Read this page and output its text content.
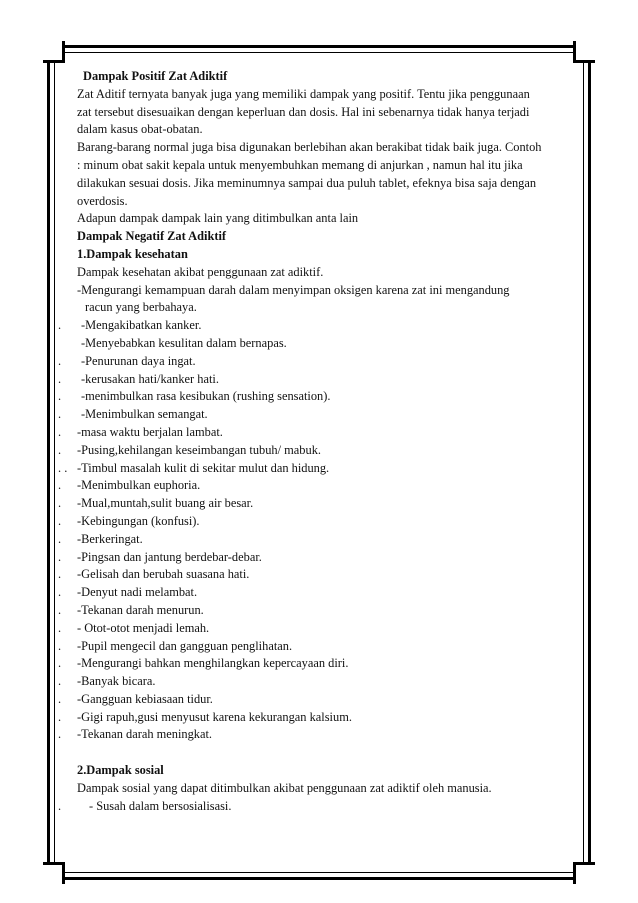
Dampak Positif Zat Adiktif
Zat Aditif ternyata banyak juga yang memiliki dampak yang positif. Tentu jika penggunaan
zat tersebut disesuaikan dengan keperluan dan dosis. Hal ini sebenarnya tidak hanya terjadi
dalam kasus obat-obatan.
Barang-barang normal juga bisa digunakan berlebihan akan berakibat tidak baik juga. Contoh
: minum obat sakit kepala untuk menyembuhkan memang di anjurkan , namun hal itu jika
dilakukan sesuai dosis. Jika meminumnya sampai dua puluh tablet, efeknya bisa saja dengan
overdosis.
Adapun dampak dampak lain yang ditimbulkan anta lain
Dampak Negatif Zat Adiktif
1.Dampak kesehatan
Dampak kesehatan akibat penggunaan zat adiktif.
-Mengurangi kemampuan darah dalam menyimpan oksigen karena zat ini mengandung
racun yang berbahaya.
. -Mengakibatkan kanker.
-Menyebabkan kesulitan dalam bernapas.
. -Penurunan daya ingat.
. -kerusakan hati/kanker hati.
. -menimbulkan rasa kesibukan (rushing sensation).
. -Menimbulkan semangat.
. -masa waktu berjalan lambat.
. -Pusing,kehilangan keseimbangan tubuh/ mabuk.
. . -Timbul masalah kulit di sekitar mulut dan hidung.
. -Menimbulkan euphoria.
. -Mual,muntah,sulit buang air besar.
. -Kebingungan (konfusi).
. -Berkeringat.
. -Pingsan dan jantung berdebar-debar.
. -Gelisah dan berubah suasana hati.
. -Denyut nadi melambat.
. -Tekanan darah menurun.
. - Otot-otot menjadi lemah.
. -Pupil mengecil dan gangguan penglihatan.
. -Mengurangi bahkan menghilangkan kepercayaan diri.
. -Banyak bicara.
. -Gangguan kebiasaan tidur.
. -Gigi rapuh,gusi menyusut karena kekurangan kalsium.
. -Tekanan darah meningkat.
2.Dampak sosial
Dampak sosial yang dapat ditimbulkan akibat penggunaan zat adiktif oleh manusia.
. - Susah dalam bersosialisasi.
